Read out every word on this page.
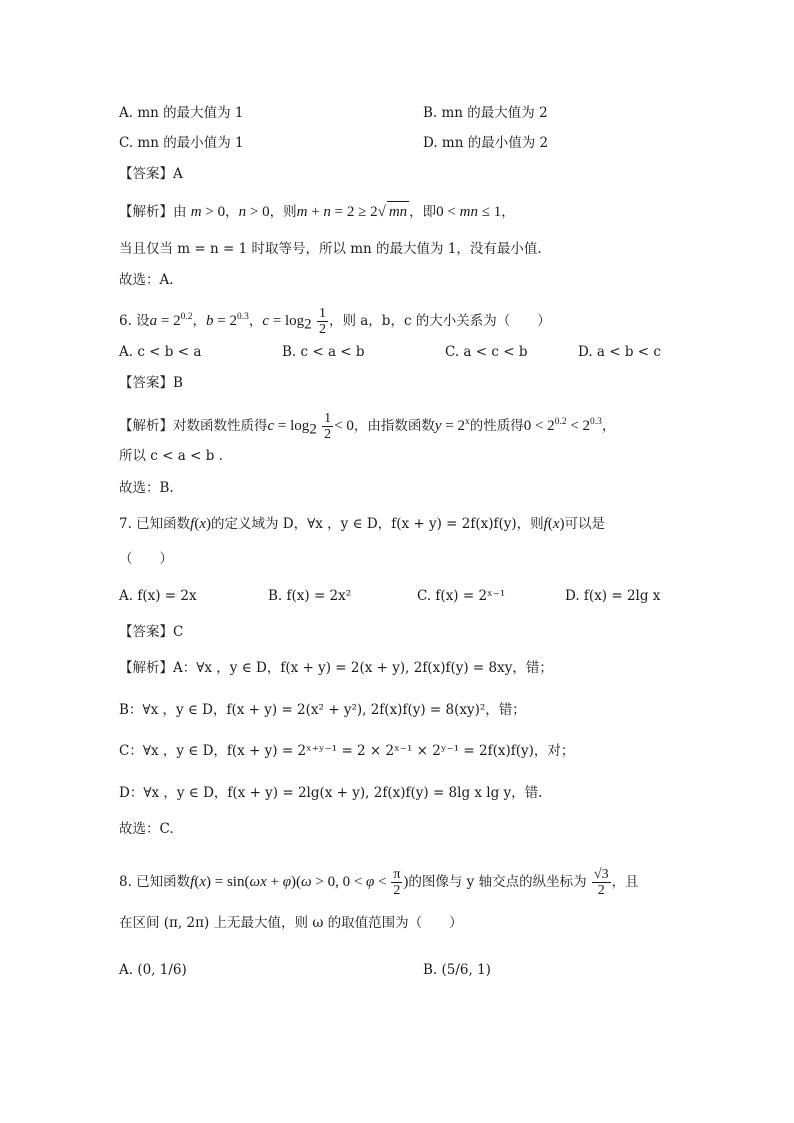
A. mn 的最大值为 1	B. mn 的最大值为 2
C. mn 的最小值为 1	D. mn 的最小值为 2
【答案】A
【解析】由 m > 0，n > 0，则m + n = 2 ≥ 2√ mn ，即0 < mn ≤ 1，
当且仅当 m = n = 1 时取等号，所以 mn 的最大值为 1，没有最小值.
故选：A.
6. 设$a = 2^{0.2}$，$b = 2^{0.3}$，$c = \log_2 \frac{1}{2}$ ，则 a，b，c 的大小关系为（　　）
A. c < b < a	B. c < a < b	C. a < c < b	D. a < b < c
【答案】B
【解析】对数函数性质得$c = \log_2 \frac{1}{2} < 0$，由指数函数$y = 2^x$的性质得$0 < 2^{0.2} < 2^{0.3}$，
所以 c < a < b .
故选：B.
7. 已知函数f(x)的定义域为 D，∀x ，y ∈ D，f(x + y) = 2f(x)f(y)，则f(x)可以是
（　　）
A. f(x) = 2x	B. f(x) = 2x²	C. f(x) = 2ˣ⁻¹	D. f(x) = 2lg x
【答案】C
【解析】A：∀x ，y ∈ D，f(x + y) = 2(x + y), 2f(x)f(y) = 8xy，错；
B：∀x ，y ∈ D，f(x + y) = 2(x² + y²), 2f(x)f(y) = 8(xy)²，错；
C：∀x ，y ∈ D，f(x + y) = 2ˣ⁺ʸ⁻¹ = 2 × 2ˣ⁻¹ × 2ʸ⁻¹ = 2f(x)f(y)，对；
D：∀x ，y ∈ D，f(x + y) = 2lg(x + y), 2f(x)f(y) = 8lg x lg y，错.
故选：C.
8. 已知函数f(x) = sin(ωx + φ)(ω > 0, $0 < \varphi < \frac{\pi}{2}$ )的图像与 y 轴交点的纵坐标为 $\frac{√3}{2}$ ，且
在区间 (π, 2π) 上无最大值，则 ω 的取值范围为（　　）
A. (0, 1/6)	B. (5/6, 1)
